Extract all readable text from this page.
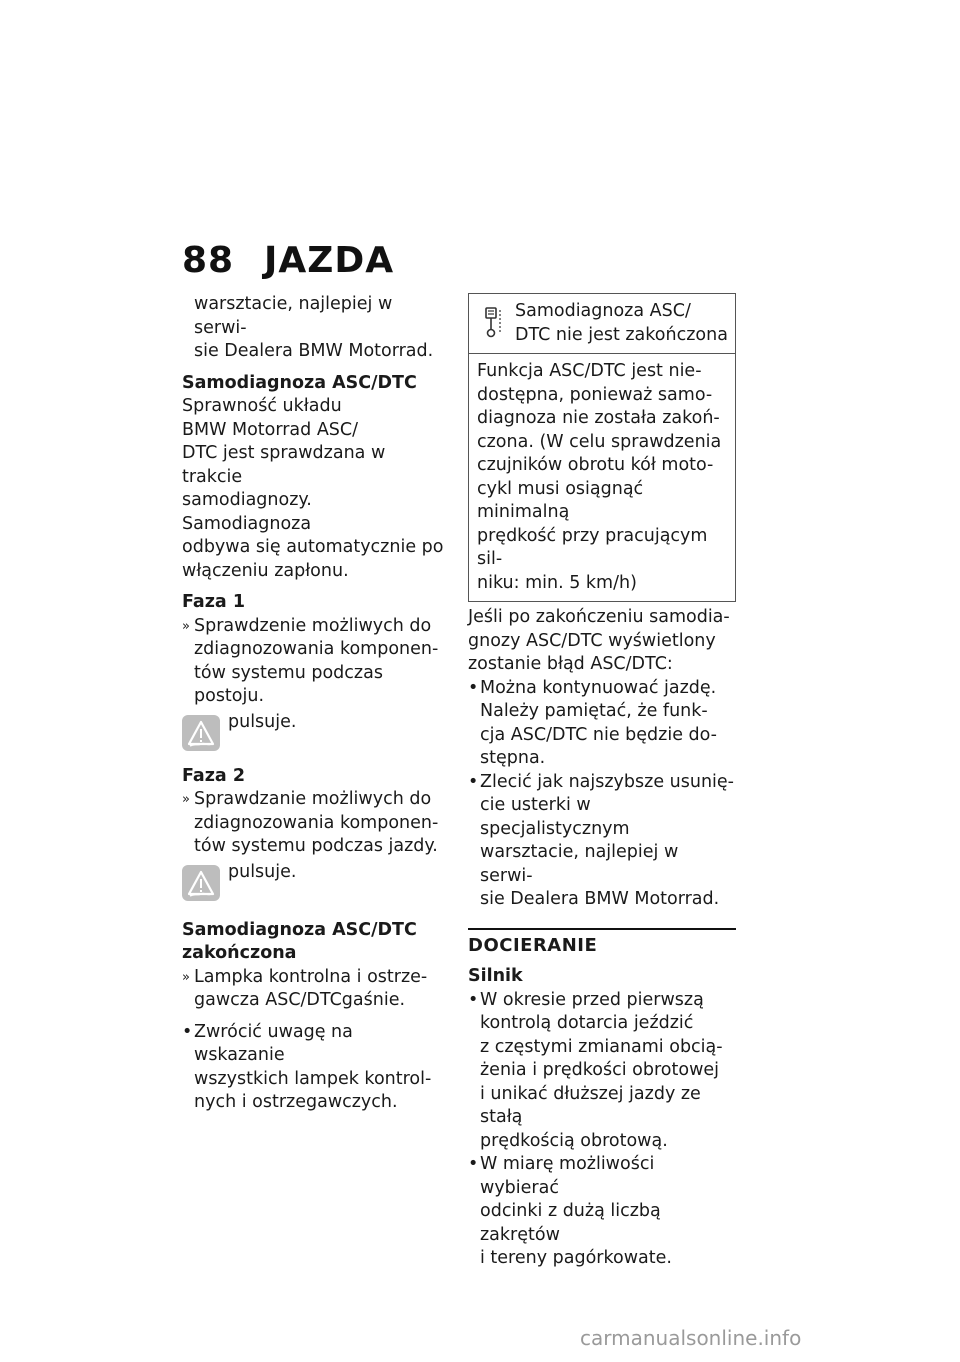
88 JAZDA

warsztacie, najlepiej w serwi-

sie Dealera BMW Motorrad.

Samodiagnoza ASC/DTC

Sprawność układu

BMW Motorrad ASC/

DTC jest sprawdzana w trakcie

samodiagnozy. Samodiagnoza

odbywa się automatycznie po

włączeniu zapłonu.

Faza 1

» Sprawdzenie możliwych do

zdiagnozowania komponen-

tów systemu podczas postoju.

pulsuje.

Faza 2

» Sprawdzanie możliwych do

zdiagnozowania komponen-

tów systemu podczas jazdy.

pulsuje.

Samodiagnoza ASC/DTC

zakończona

» Lampka kontrolna i ostrze-

gawcza ASC/DTCgaśnie.

• Zwrócić uwagę na wskazanie

wszystkich lampek kontrol-

nych i ostrzegawczych.

Samodiagnoza ASC/

DTC nie jest zakończona

Funkcja ASC/DTC jest nie-

dostępna, ponieważ samo-

diagnoza nie została zakoń-

czona. (W celu sprawdzenia

czujników obrotu kół moto-

cykl musi osiągnąć minimalną

prędkość przy pracującym sil-

niku: min. 5 km/h)

Jeśli po zakończeniu samodia-

gnozy ASC/DTC wyświetlony

zostanie błąd ASC/DTC:

• Można kontynuować jazdę.

Należy pamiętać, że funk-

cja ASC/DTC nie będzie do-

stępna.

• Zlecić jak najszybsze usunię-

cie usterki w specjalistycznym

warsztacie, najlepiej w serwi-

sie Dealera BMW Motorrad.

DOCIERANIE

Silnik

• W okresie przed pierwszą

kontrolą dotarcia jeździć

z częstymi zmianami obcią-

żenia i prędkości obrotowej

i unikać dłuższej jazdy ze stałą

prędkością obrotową.

• W miarę możliwości wybierać

odcinki z dużą liczbą zakrętów

i tereny pagórkowate.

carmanualsonline.info
